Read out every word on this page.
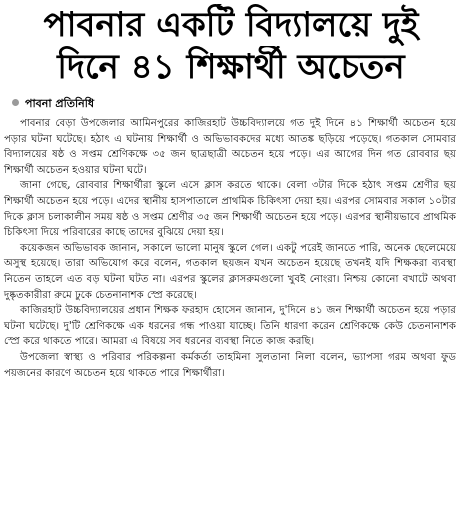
পাবনার একটি বিদ্যালয়ে দুই
দিনে ৪১ শিক্ষার্থী অচেতন
পাবনা প্রতিনিধি

পাবনার বেড়া উপজেলার আমিনপুরের কাজিরহাট উচ্চবিদ্যালয়ে গত দুই দিনে ৪১ শিক্ষার্থী অচেতন হয়ে পড়ার ঘটনা ঘটেছে। হঠাৎ এ ঘটনায় শিক্ষার্থী ও অভিভাবকদের মধ্যে আতঙ্ক ছড়িয়ে পড়েছে। গতকাল সোমবার বিদ্যালয়ের ষষ্ঠ ও সপ্তম শ্রেণিকক্ষে ৩৫ জন ছাত্রছাত্রী অচেতন হয়ে পড়ে। এর আগের দিন গত রোববার ছয় শিক্ষার্থী অচেতন হওয়ার ঘটনা ঘটে।

জানা গেছে, রোববার শিক্ষার্থীরা স্কুলে এসে ক্লাস করতে থাকে। বেলা ৩টার দিকে হঠাৎ সপ্তম শ্রেণীর ছয় শিক্ষার্থী অচেতন হয়ে পড়ে। এদের স্থানীয় হাসপাতালে প্রাথমিক চিকিৎসা দেয়া হয়। এরপর সোমবার সকাল ১০টার দিকে ক্লাস চলাকালীন সময় ষষ্ঠ ও সপ্তম শ্রেণীর ৩৫ জন শিক্ষার্থী অচেতন হয়ে পড়ে। এরপর স্থানীয়ভাবে প্রাথমিক চিকিৎসা দিয়ে পরিবারের কাছে তাদের বুঝিয়ে দেয়া হয়।

কয়েকজন অভিভাবক জানান, সকালে ভালো মানুষ স্কুলে গেল। একটু পরেই জানতে পারি, অনেক ছেলেমেয়ে অসুস্থ হয়েছে। তারা অভিযোগ করে বলেন, গতকাল ছয়জন যখন অচেতন হয়েছে তখনই যদি শিক্ষকরা ব্যবস্থা নিতেন তাহলে এত বড় ঘটনা ঘটত না। এরপর স্কুলের ক্লাসরুমগুলো খুবই নোংরা। নিশ্চয় কোনো বখাটে অথবা দুষ্কৃতকারীরা রুমে ঢুকে চেতনানাশক স্প্রে করেছে।

কাজিরহাট উচ্চবিদ্যালয়ের প্রধান শিক্ষক ফরহাদ হোসেন জানান, দু'দিনে ৪১ জন শিক্ষার্থী অচেতন হয়ে পড়ার ঘটনা ঘটেছে। দু'টি শ্রেণিকক্ষে এক ধরনের গন্ধ পাওয়া যাচ্ছে। তিনি ধারণা করেন শ্রেণিকক্ষে কেউ চেতনানাশক স্প্রে করে থাকতে পারে। আমরা এ বিষয়ে সব ধরনের ব্যবস্থা নিতে কাজ করছি।

উপজেলা স্বাস্থ্য ও পরিবার পরিকল্পনা কর্মকর্তা তাহমিনা সুলতানা নিলা বলেন, ভ্যাপসা গরম অথবা ফুড পয়জনের কারণে অচেতন হয়ে থাকতে পারে শিক্ষার্থীরা।
